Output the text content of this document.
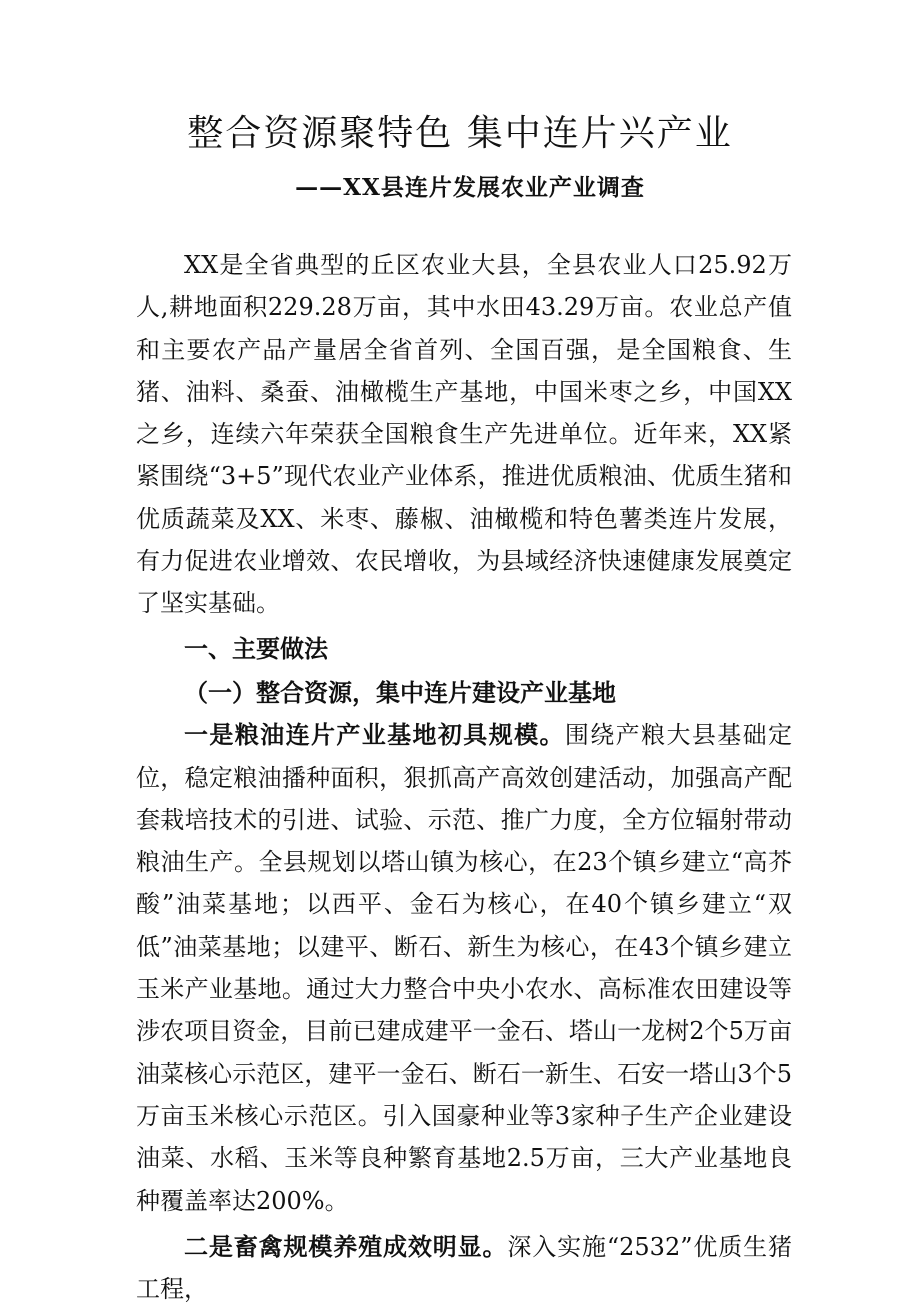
整合资源聚特色 集中连片兴产业
——XX县连片发展农业产业调查

XX是全省典型的丘区农业大县，全县农业人口25.92万人,耕地面积229.28万亩，其中水田43.29万亩。农业总产值和主要农产品产量居全省首列、全国百强，是全国粮食、生猪、油料、桑蚕、油橄榄生产基地，中国米枣之乡，中国XX之乡，连续六年荣获全国粮食生产先进单位。近年来，XX紧紧围绕“3+5”现代农业产业体系，推进优质粮油、优质生猪和优质蔬菜及XX、米枣、藤椒、油橄榄和特色薯类连片发展，有力促进农业增效、农民增收，为县域经济快速健康发展奠定了坚实基础。

一、主要做法

（一）整合资源，集中连片建设产业基地

一是粮油连片产业基地初具规模。围绕产粮大县基础定位，稳定粮油播种面积，狠抓高产高效创建活动，加强高产配套栽培技术的引进、试验、示范、推广力度，全方位辐射带动粮油生产。全县规划以塔山镇为核心，在23个镇乡建立“高芥酸”油菜基地；以西平、金石为核心，在40个镇乡建立“双低”油菜基地；以建平、断石、新生为核心，在43个镇乡建立玉米产业基地。通过大力整合中央小农水、高标准农田建设等涉农项目资金，目前已建成建平一金石、塔山一龙树2个5万亩油菜核心示范区，建平一金石、断石一新生、石安一塔山3个5万亩玉米核心示范区。引入国豪种业等3家种子生产企业建设油菜、水稻、玉米等良种繁育基地2.5万亩，三大产业基地良种覆盖率达200%。

二是畜禽规模养殖成效明显。深入实施“2532”优质生猪工程，
